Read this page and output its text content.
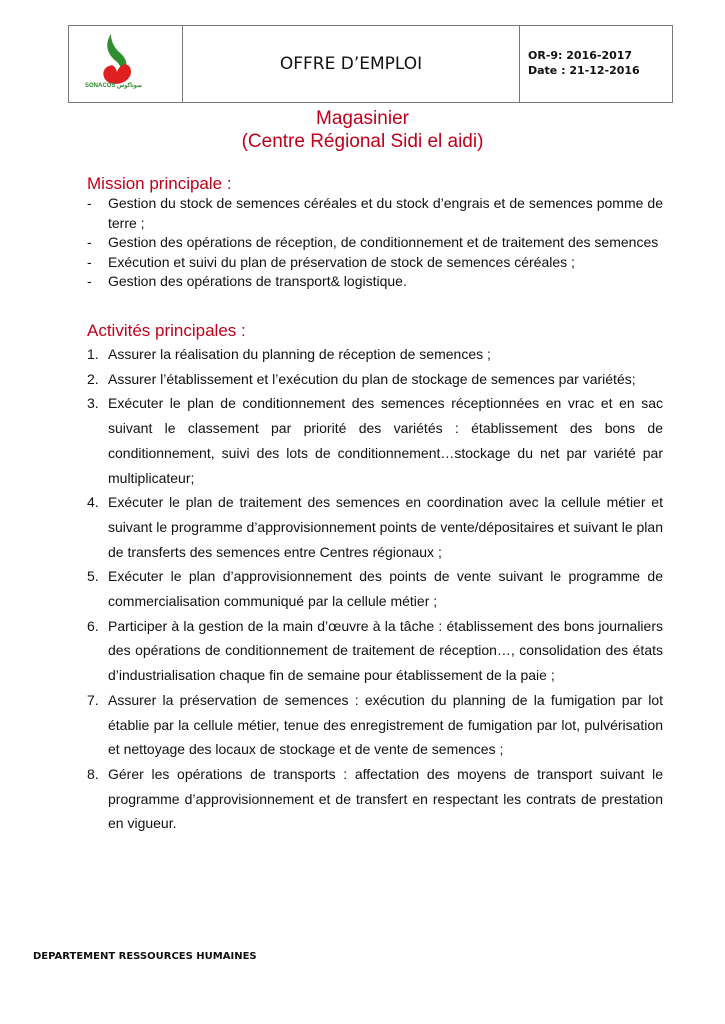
SONACOS سوناكوس
OFFRE D’EMPLOI	OR-9: 2016-2017
Date : 21-12-2016
Magasinier
(Centre Régional Sidi el aidi)
Mission principale :
- Gestion du stock de semences céréales et du stock d’engrais et de semences pomme de terre ;
- Gestion des opérations de réception, de conditionnement et de traitement des semences
- Exécution et suivi du plan de préservation de stock de semences céréales ;
- Gestion des opérations de transport& logistique.
Activités principales :
1. Assurer la réalisation du planning de réception de semences ;
2. Assurer l’établissement et l’exécution du plan de stockage de semences par variétés;
3. Exécuter le plan de conditionnement des semences réceptionnées en vrac et en sac suivant le classement par priorité des variétés : établissement des bons de conditionnement, suivi des lots de conditionnement…stockage du net par variété par multiplicateur;
4. Exécuter le plan de traitement des semences en coordination avec la cellule métier et suivant le programme d’approvisionnement points de vente/dépositaires et suivant le plan de transferts des semences entre Centres régionaux ;
5. Exécuter le plan d’approvisionnement des points de vente suivant le programme de commercialisation communiqué par la cellule métier ;
6. Participer à la gestion de la main d’œuvre à la tâche : établissement des bons journaliers des opérations de conditionnement de traitement de réception…, consolidation des états d’industrialisation chaque fin de semaine pour établissement de la paie ;
7. Assurer la préservation de semences : exécution du planning de la fumigation par lot établie par la cellule métier, tenue des enregistrement de fumigation par lot, pulvérisation et nettoyage des locaux de stockage et de vente de semences ;
8. Gérer les opérations de transports : affectation des moyens de transport suivant le programme d’approvisionnement et de transfert en respectant les contrats de prestation en vigueur.
DEPARTEMENT RESSOURCES HUMAINES
